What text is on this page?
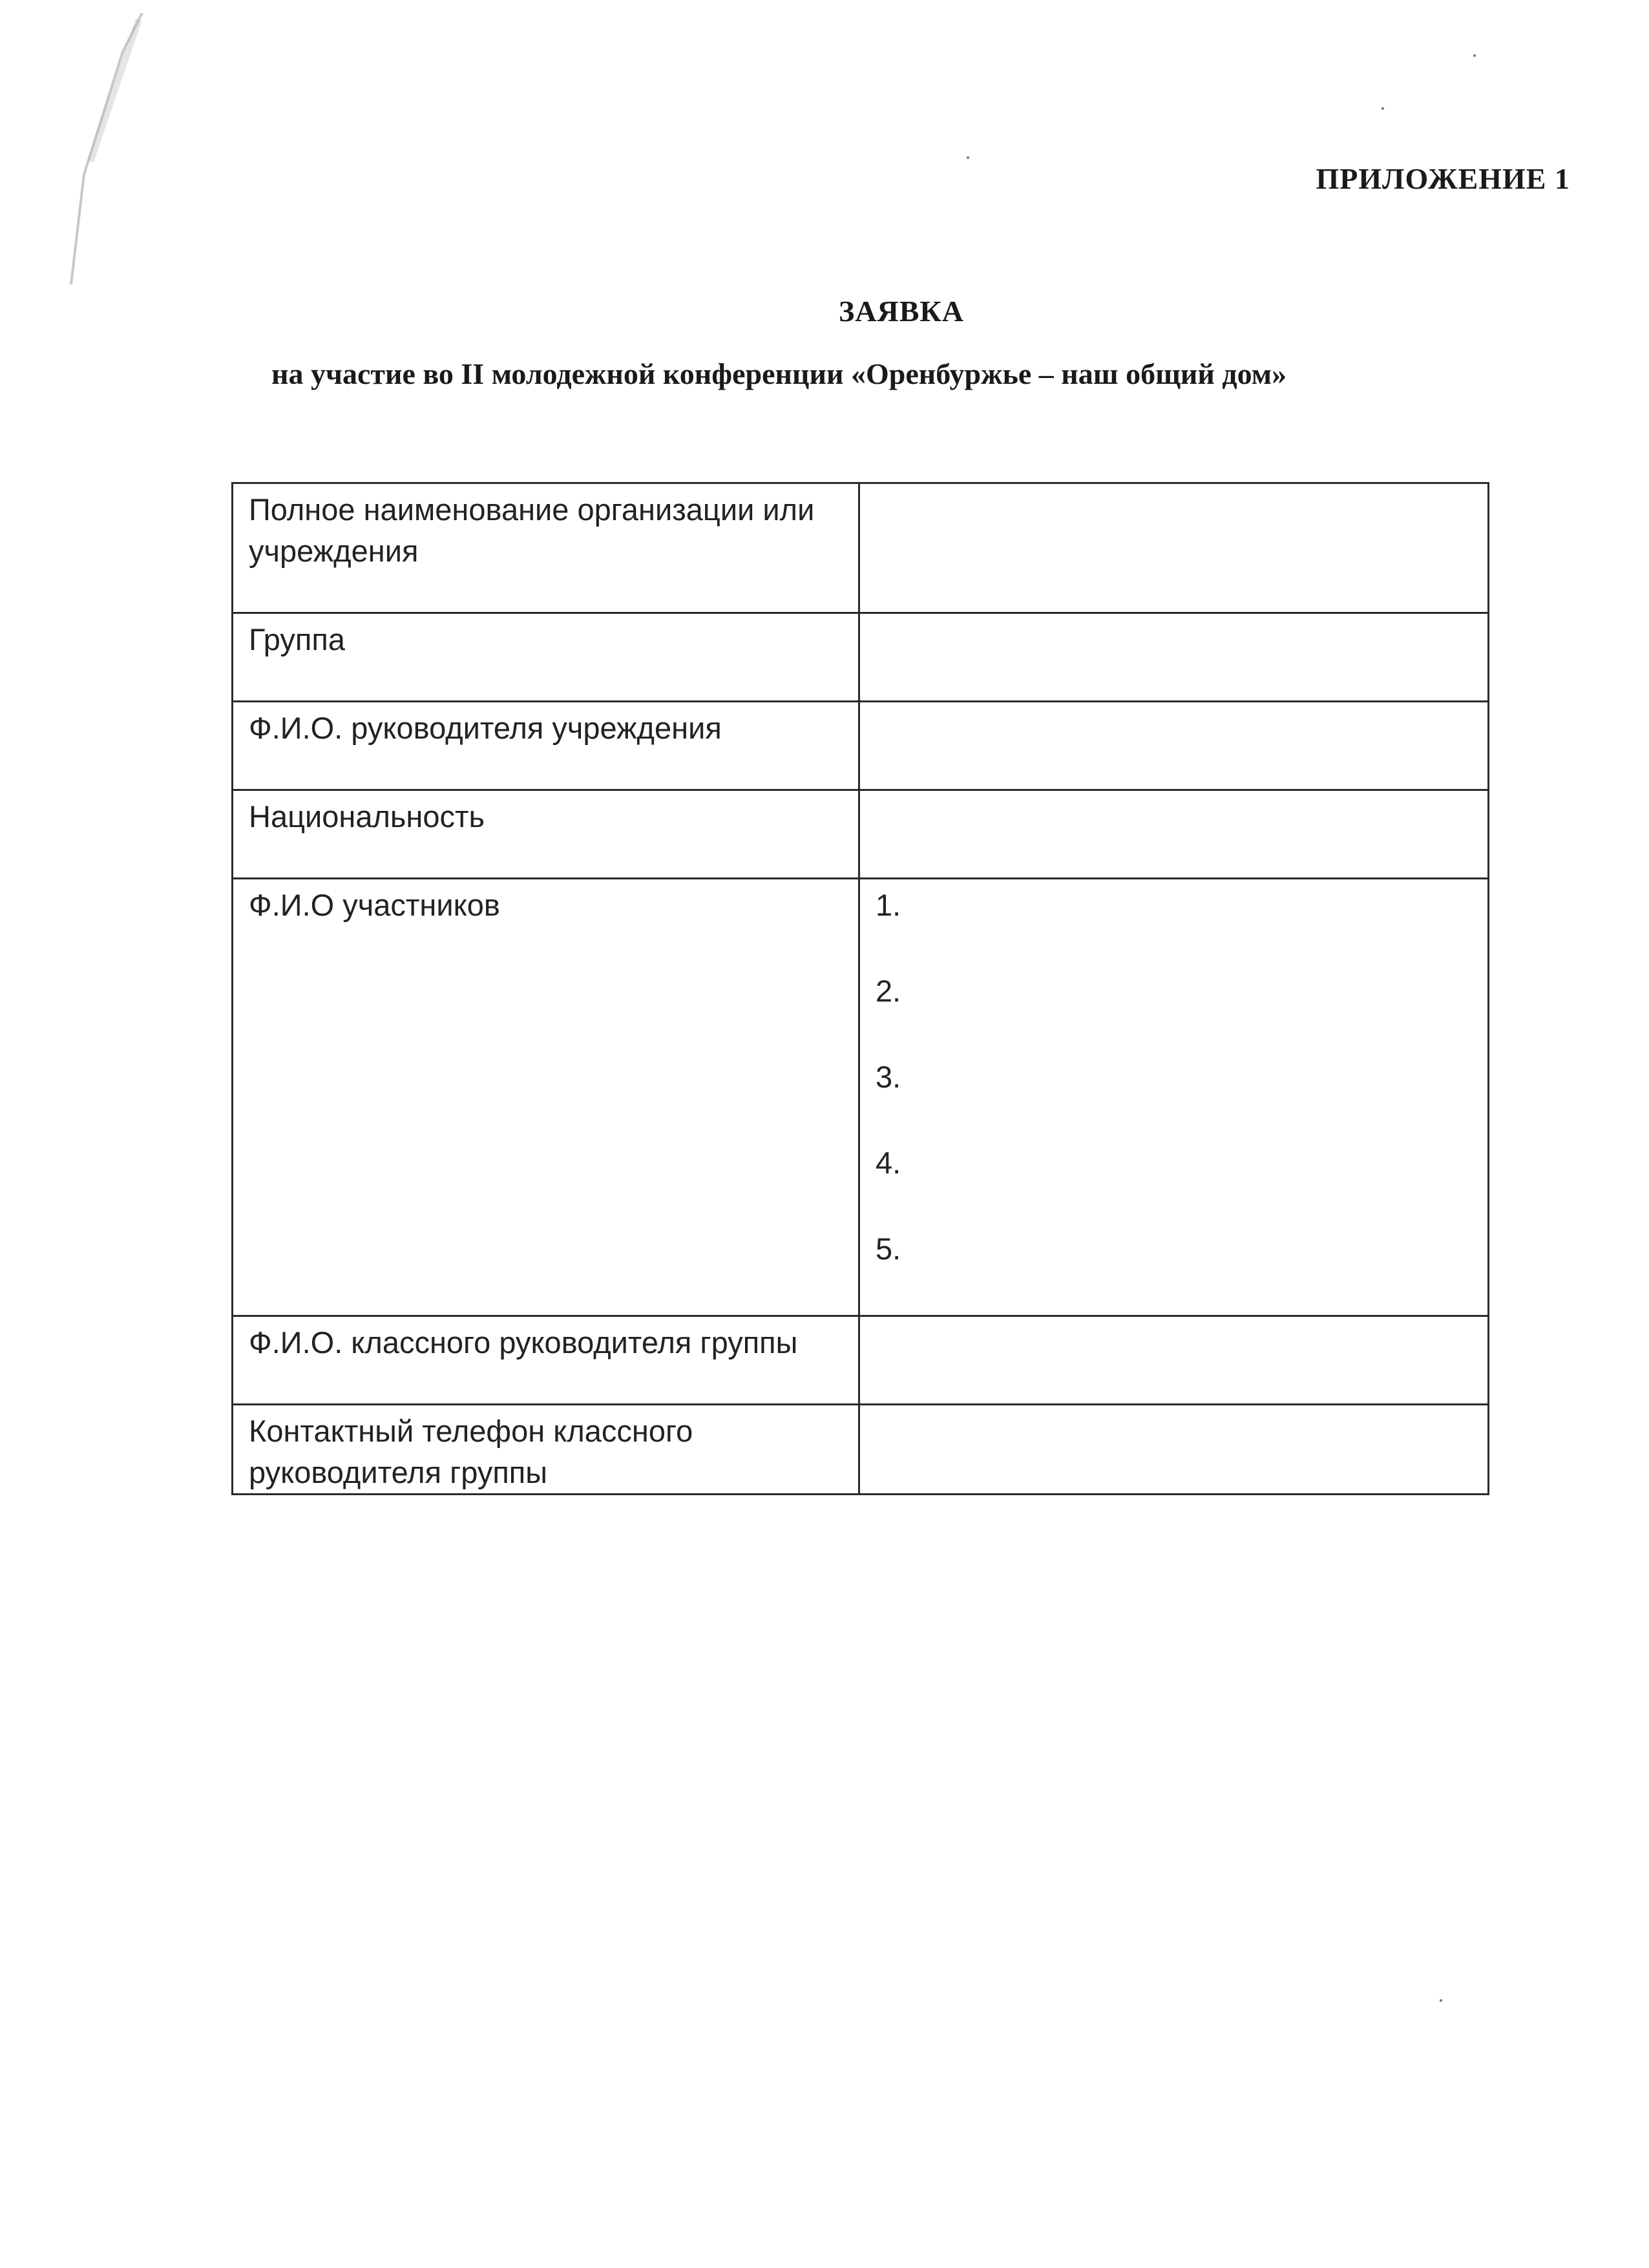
ПРИЛОЖЕНИЕ 1
ЗАЯВКА
на участие во II молодежной конференции «Оренбуржье – наш общий дом»
Полное наименование организации или учреждения	
Группа	
Ф.И.О. руководителя учреждения	
Национальность	
Ф.И.О участников	1.
2.
3.
4.
5.

Ф.И.О. классного руководителя группы	
Контактный телефон классного руководителя группы	
